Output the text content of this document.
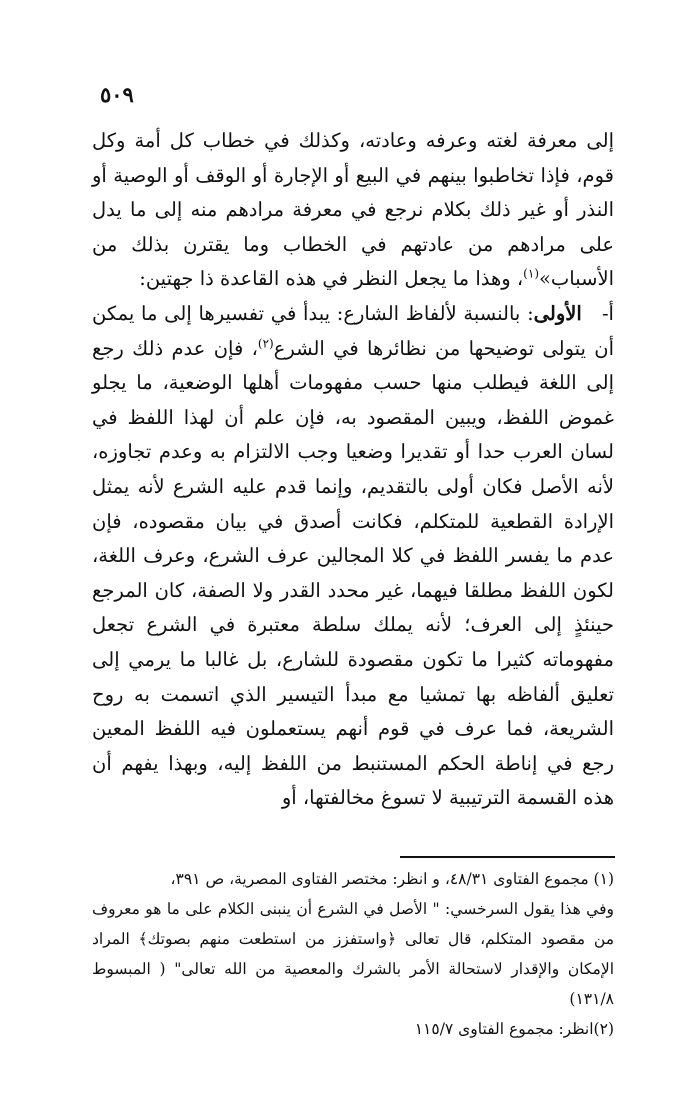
٥٠٩

إلى معرفة لغته وعرفه وعادته، وكذلك في خطاب كل أمة وكل قوم، فإذا تخاطبوا بينهم في البيع أو الإجارة أو الوقف أو الوصية أو النذر أو غير ذلك بكلام نرجع في معرفة مرادهم منه إلى ما يدل على مرادهم من عادتهم في الخطاب وما يقترن بذلك من الأسباب»$^{(١)}$، وهذا ما يجعل النظر في هذه القاعدة ذا جهتين:

أ-   الأولى: بالنسبة لألفاظ الشارع: يبدأ في تفسيرها إلى ما يمكن أن يتولى توضيحها من نظائرها في الشرع$^{(٢)}$، فإن عدم ذلك رجع إلى اللغة فيطلب منها حسب مفهومات أهلها الوضعية، ما يجلو غموض اللفظ، ويبين المقصود به، فإن علم أن لهذا اللفظ في لسان العرب حدا أو تقديرا وضعيا وجب الالتزام به وعدم تجاوزه، لأنه الأصل فكان أولى بالتقديم، وإنما قدم عليه الشرع لأنه يمثل الإرادة القطعية للمتكلم، فكانت أصدق في بيان مقصوده، فإن عدم ما يفسر اللفظ في كلا المجالين عرف الشرع، وعرف اللغة، لكون اللفظ مطلقا فيهما، غير محدد القدر ولا الصفة، كان المرجع حينئذٍ إلى العرف؛ لأنه يملك سلطة معتبرة في الشرع تجعل مفهوماته كثيرا ما تكون مقصودة للشارع، بل غالبا ما يرمي إلى تعليق ألفاظه بها تمشيا مع مبدأ التيسير الذي اتسمت به روح الشريعة، فما عرف في قوم أنهم يستعملون فيه اللفظ المعين رجع في إناطة الحكم المستنبط من اللفظ إليه، وبهذا يفهم أن هذه القسمة الترتيبية لا تسوغ مخالفتها، أو

(١) مجموع الفتاوى ٤٨/٣١، و انظر: مختصر الفتاوى المصرية، ص ٣٩١،

وفي هذا يقول السرخسي: " الأصل في الشرع أن ينبنى الكلام على ما هو معروف من مقصود المتكلم، قال تعالى ﴿واستفزز من استطعت منهم بصوتك﴾ المراد الإمكان والإقدار لاستحالة الأمر بالشرك والمعصية من الله تعالى" ( المبسوط ١٣١/٨)

(٢)انظر: مجموع الفتاوى ١١٥/٧
